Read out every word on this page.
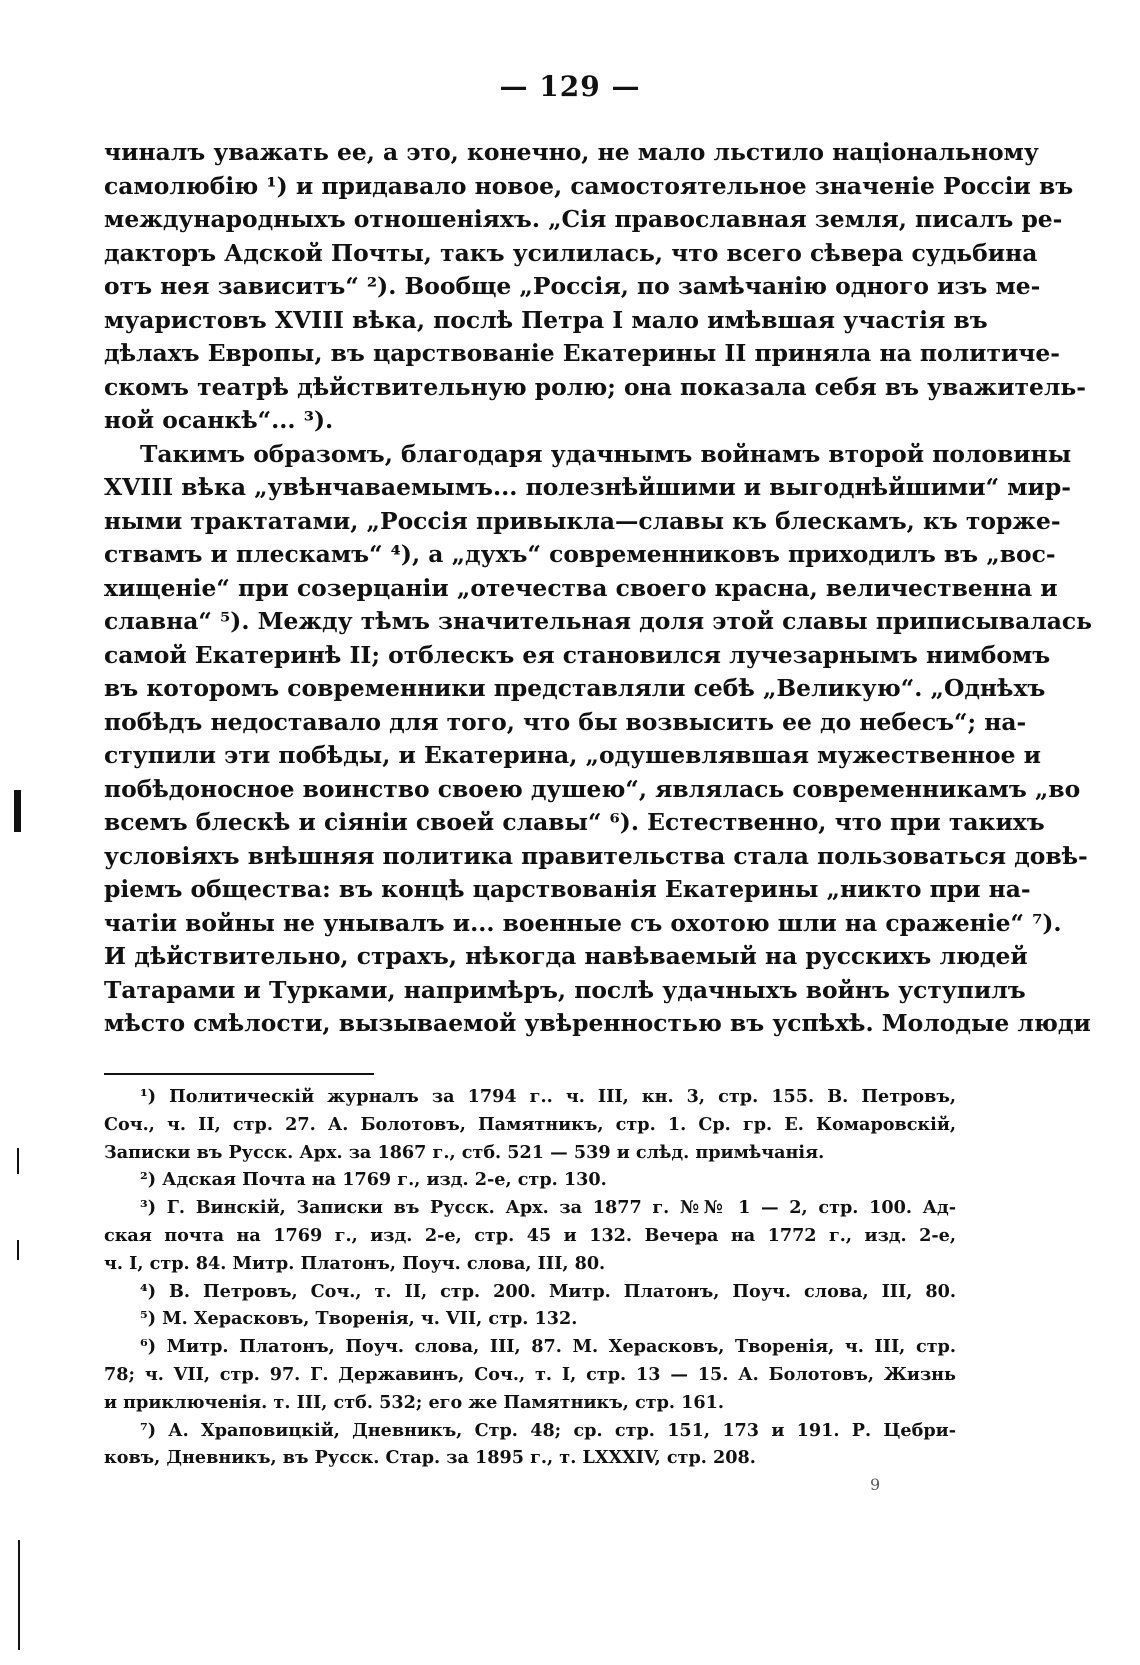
— 129 —
чиналъ уважать ее, а это, конечно, не мало льстило національному
самолюбію ¹) и придавало новое, самостоятельное значеніе Россіи въ
международныхъ отношеніяхъ. „Сія православная земля, писалъ ре-
дакторъ Адской Почты, такъ усилилась, что всего сѣвера судьбина
отъ нея зависитъ“ ²). Вообще „Россія, по замѣчанію одного изъ ме-
муаристовъ XVIII вѣка, послѣ Петра I мало имѣвшая участія въ
дѣлахъ Европы, въ царствованіе Екатерины II приняла на политиче-
скомъ театрѣ дѣйствительную ролю; она показала себя въ уважитель-
ной осанкѣ“... ³).
Такимъ образомъ, благодаря удачнымъ войнамъ второй половины
XVIII вѣка „увѣнчаваемымъ... полезнѣйшими и выгоднѣйшими“ мир-
ными трактатами, „Россія привыкла—славы къ блескамъ, къ торже-
ствамъ и плескамъ“ ⁴), а „духъ“ современниковъ приходилъ въ „вос-
хищеніе“ при созерцаніи „отечества своего красна, величественна и
славна“ ⁵). Между тѣмъ значительная доля этой славы приписывалась
самой Екатеринѣ II; отблескъ ея становился лучезарнымъ нимбомъ
въ которомъ современники представляли себѣ „Великую“. „Однѣхъ
побѣдъ недоставало для того, что бы возвысить ее до небесъ“; на-
ступили эти побѣды, и Екатерина, „одушевлявшая мужественное и
побѣдоносное воинство своею душею“, являлась современникамъ „во
всемъ блескѣ и сіяніи своей славы“ ⁶). Естественно, что при такихъ
условіяхъ внѣшняя политика правительства стала пользоваться довѣ-
ріемъ общества: въ концѣ царствованія Екатерины „никто при на-
чатіи войны не унывалъ и... военные съ охотою шли на сраженіе“ ⁷).
И дѣйствительно, страхъ, нѣкогда навѣваемый на русскихъ людей
Татарами и Турками, напримѣръ, послѣ удачныхъ войнъ уступилъ
мѣсто смѣлости, вызываемой увѣренностью въ успѣхѣ. Молодые люди
¹) Политическій журналъ за 1794 г.. ч. III, кн. 3, стр. 155. В. Петровъ,
Соч., ч. II, стр. 27. А. Болотовъ, Памятникъ, стр. 1. Ср. гр. Е. Комаровскій,
Записки въ Русск. Арх. за 1867 г., стб. 521 — 539 и слѣд. примѣчанія.
²) Адская Почта на 1769 г., изд. 2-е, стр. 130.
³) Г. Винскій, Записки въ Русск. Арх. за 1877 г. №№ 1 — 2, стр. 100. Ад-
ская почта на 1769 г., изд. 2-е, стр. 45 и 132. Вечера на 1772 г., изд. 2-е,
ч. I, стр. 84. Митр. Платонъ, Поуч. слова, III, 80.
⁴) В. Петровъ, Соч., т. II, стр. 200. Митр. Платонъ, Поуч. слова, III, 80.
⁵) М. Херасковъ, Творенія, ч. VII, стр. 132.
⁶) Митр. Платонъ, Поуч. слова, III, 87. М. Херасковъ, Творенія, ч. III, стр.
78; ч. VII, стр. 97. Г. Державинъ, Соч., т. I, стр. 13 — 15. А. Болотовъ, Жизнь
и приключенія. т. III, стб. 532; его же Памятникъ, стр. 161.
⁷) А. Храповицкій, Дневникъ, Стр. 48; ср. стр. 151, 173 и 191. Р. Цебри-
ковъ, Дневникъ, въ Русск. Стар. за 1895 г., т. LXXXIV, стр. 208.
9
